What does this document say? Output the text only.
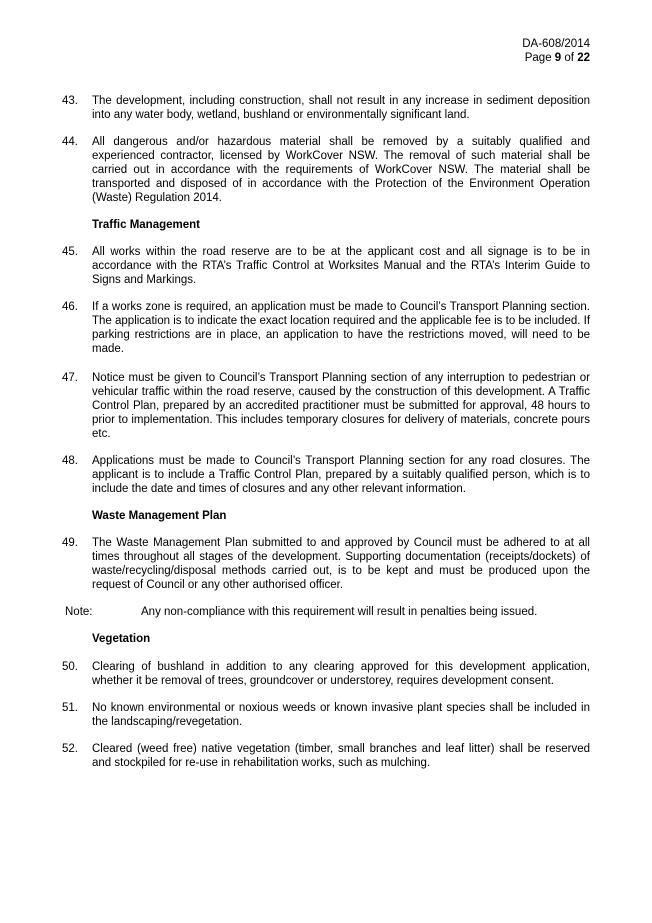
DA-608/2014
Page 9 of 22
43. The development, including construction, shall not result in any increase in sediment deposition into any water body, wetland, bushland or environmentally significant land.
44. All dangerous and/or hazardous material shall be removed by a suitably qualified and experienced contractor, licensed by WorkCover NSW. The removal of such material shall be carried out in accordance with the requirements of WorkCover NSW. The material shall be transported and disposed of in accordance with the Protection of the Environment Operation (Waste) Regulation 2014.
Traffic Management
45. All works within the road reserve are to be at the applicant cost and all signage is to be in accordance with the RTA’s Traffic Control at Worksites Manual and the RTA’s Interim Guide to Signs and Markings.
46. If a works zone is required, an application must be made to Council’s Transport Planning section. The application is to indicate the exact location required and the applicable fee is to be included. If parking restrictions are in place, an application to have the restrictions moved, will need to be made.
47. Notice must be given to Council’s Transport Planning section of any interruption to pedestrian or vehicular traffic within the road reserve, caused by the construction of this development. A Traffic Control Plan, prepared by an accredited practitioner must be submitted for approval, 48 hours to prior to implementation. This includes temporary closures for delivery of materials, concrete pours etc.
48. Applications must be made to Council’s Transport Planning section for any road closures. The applicant is to include a Traffic Control Plan, prepared by a suitably qualified person, which is to include the date and times of closures and any other relevant information.
Waste Management Plan
49. The Waste Management Plan submitted to and approved by Council must be adhered to at all times throughout all stages of the development. Supporting documentation (receipts/dockets) of waste/recycling/disposal methods carried out, is to be kept and must be produced upon the request of Council or any other authorised officer.
Note:	Any non-compliance with this requirement will result in penalties being issued.
Vegetation
50. Clearing of bushland in addition to any clearing approved for this development application, whether it be removal of trees, groundcover or understorey, requires development consent.
51. No known environmental or noxious weeds or known invasive plant species shall be included in the landscaping/revegetation.
52. Cleared (weed free) native vegetation (timber, small branches and leaf litter) shall be reserved and stockpiled for re-use in rehabilitation works, such as mulching.
